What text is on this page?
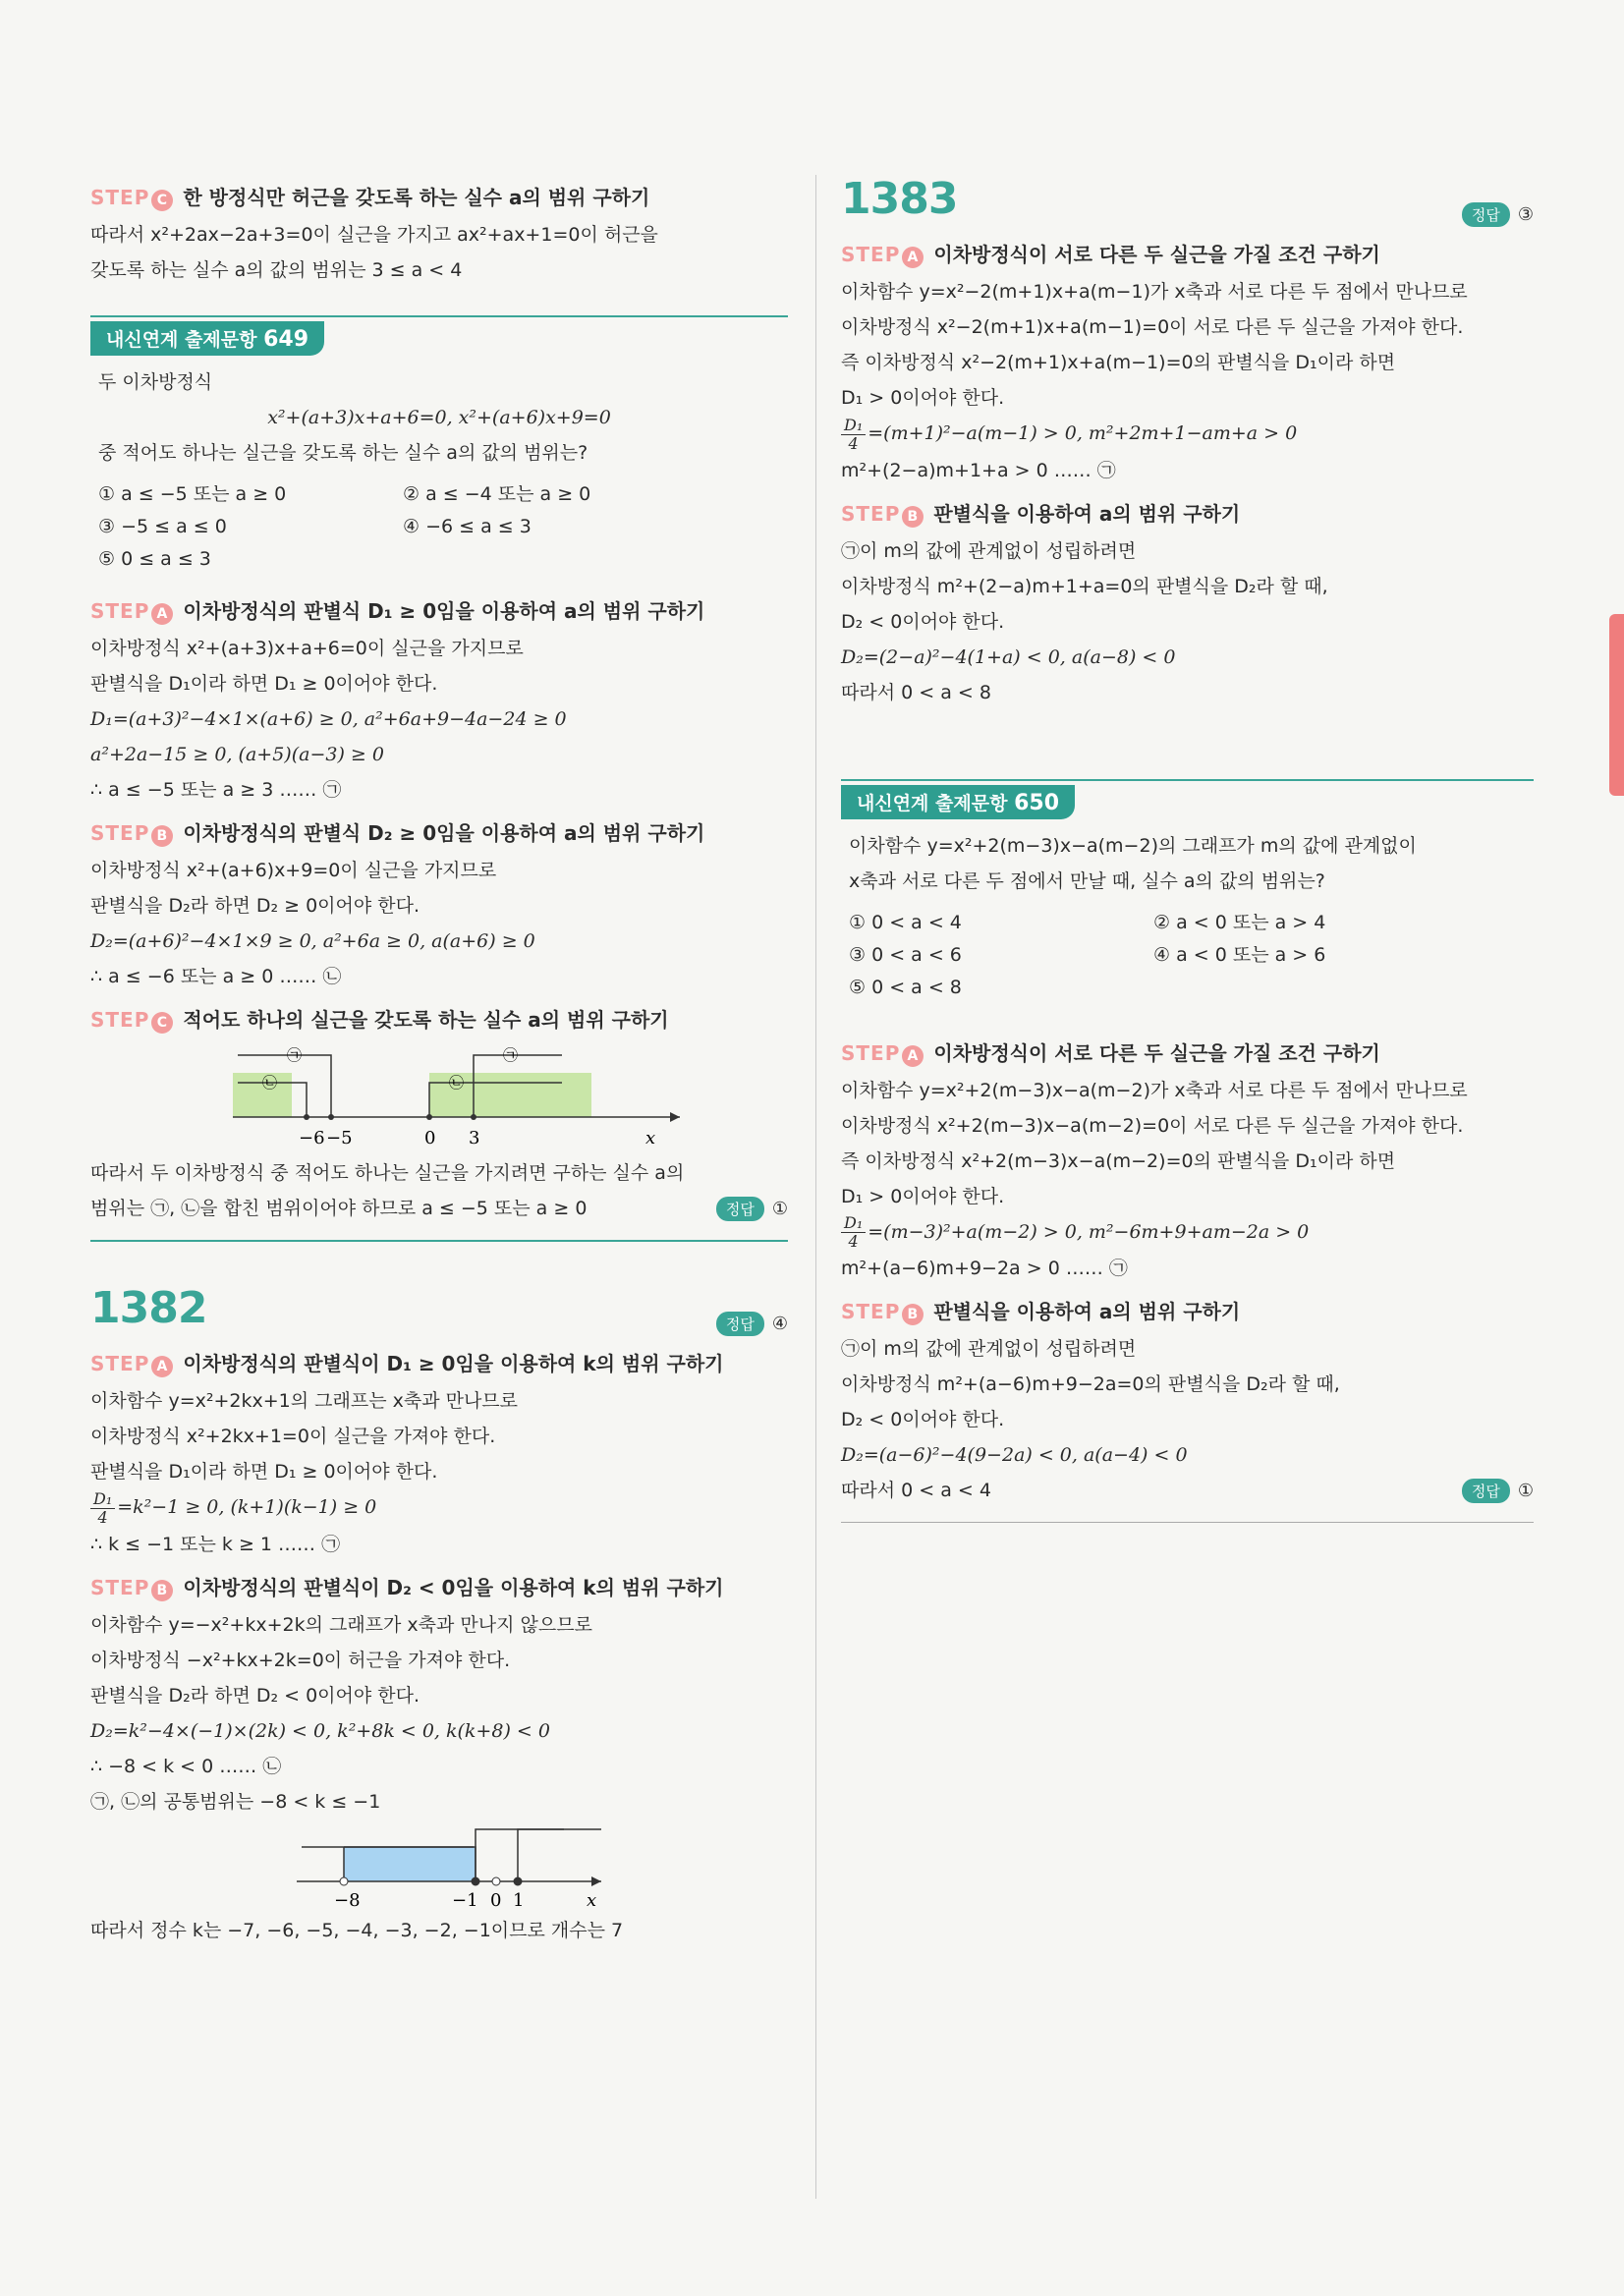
STEP C 한 방정식만 허근을 갖도록 하는 실수 a의 범위 구하기
따라서 x²+2ax−2a+3=0이 실근을 가지고 ax²+ax+1=0이 허근을
갖도록 하는 실수 a의 값의 범위는 3 ≤ a < 4
내신연계 출제문항 649
두 이차방정식
x²+(a+3)x+a+6=0, x²+(a+6)x+9=0
중 적어도 하나는 실근을 갖도록 하는 실수 a의 값의 범위는?
① a ≤ −5 또는 a ≥ 0	② a ≤ −4 또는 a ≥ 0
③ −5 ≤ a ≤ 0	④ −6 ≤ a ≤ 3
⑤ 0 ≤ a ≤ 3
STEP A 이차방정식의 판별식 D₁ ≥ 0임을 이용하여 a의 범위 구하기
이차방정식 x²+(a+3)x+a+6=0이 실근을 가지므로
판별식을 D₁이라 하면 D₁ ≥ 0이어야 한다.
D₁=(a+3)²−4×1×(a+6) ≥ 0, a²+6a+9−4a−24 ≥ 0
a²+2a−15 ≥ 0, (a+5)(a−3) ≥ 0
∴ a ≤ −5 또는 a ≥ 3 …… ㉠
STEP B 이차방정식의 판별식 D₂ ≥ 0임을 이용하여 a의 범위 구하기
이차방정식 x²+(a+6)x+9=0이 실근을 가지므로
판별식을 D₂라 하면 D₂ ≥ 0이어야 한다.
D₂=(a+6)²−4×1×9 ≥ 0, a²+6a ≥ 0, a(a+6) ≥ 0
∴ a ≤ −6 또는 a ≥ 0 …… ㉡
STEP C 적어도 하나의 실근을 갖도록 하는 실수 a의 범위 구하기
−6 −5	0 3	x
㉠
㉡
㉠
㉡
따라서 두 이차방정식 중 적어도 하나는 실근을 가지려면 구하는 실수 a의
범위는 ㉠, ㉡을 합친 범위이어야 하므로 a ≤ −5 또는 a ≥ 0	정답	①
1382	정답	④
STEP A 이차방정식의 판별식이 D₁ ≥ 0임을 이용하여 k의 범위 구하기
이차함수 y=x²+2kx+1의 그래프는 x축과 만나므로
이차방정식 x²+2kx+1=0이 실근을 가져야 한다.
판별식을 D₁이라 하면 D₁ ≥ 0이어야 한다.
$\frac{\text{D₁}}{4} =k^2-1 \ge 0$, (k+1)(k−1) ≥ 0
∴ k ≤ −1 또는 k ≥ 1 …… ㉠
STEP B 이차방정식의 판별식이 D₂ < 0임을 이용하여 k의 범위 구하기
이차함수 y=−x²+kx+2k의 그래프가 x축과 만나지 않으므로
이차방정식 −x²+kx+2k=0이 허근을 가져야 한다.
판별식을 D₂라 하면 D₂ < 0이어야 한다.
D₂=k²−4×(−1)×(2k) < 0, k²+8k < 0, k(k+8) < 0
∴ −8 < k < 0 …… ㉡
㉠, ㉡의 공통범위는 −8 < k ≤ −1
−8	−1 0 1	x
따라서 정수 k는 −7, −6, −5, −4, −3, −2, −1이므로 개수는 7
1383	정답	③
STEP A 이차방정식이 서로 다른 두 실근을 가질 조건 구하기
이차함수 y=x²−2(m+1)x+a(m−1)가 x축과 서로 다른 두 점에서 만나므로
이차방정식 x²−2(m+1)x+a(m−1)=0이 서로 다른 두 실근을 가져야 한다.
즉 이차방정식 x²−2(m+1)x+a(m−1)=0의 판별식을 D₁이라 하면
D₁ > 0이어야 한다.
$\frac{\text{D₁}}{4} =(m+1)^2-a(m-1) > 0$, m²+2m+1−am+a > 0
m²+(2−a)m+1+a > 0 …… ㉠
STEP B 판별식을 이용하여 a의 범위 구하기
㉠이 m의 값에 관계없이 성립하려면
이차방정식 m²+(2−a)m+1+a=0의 판별식을 D₂라 할 때,
D₂ < 0이어야 한다.
D₂=(2−a)²−4(1+a) < 0, a(a−8) < 0
따라서 0 < a < 8
내신연계 출제문항 650
이차함수 y=x²+2(m−3)x−a(m−2)의 그래프가 m의 값에 관계없이
x축과 서로 다른 두 점에서 만날 때, 실수 a의 값의 범위는?
① 0 < a < 4	② a < 0 또는 a > 4
③ 0 < a < 6	④ a < 0 또는 a > 6
⑤ 0 < a < 8
STEP A 이차방정식이 서로 다른 두 실근을 가질 조건 구하기
이차함수 y=x²+2(m−3)x−a(m−2)가 x축과 서로 다른 두 점에서 만나므로
이차방정식 x²+2(m−3)x−a(m−2)=0이 서로 다른 두 실근을 가져야 한다.
즉 이차방정식 x²+2(m−3)x−a(m−2)=0의 판별식을 D₁이라 하면
D₁ > 0이어야 한다.
$\frac{\text{D₁}}{4} =(m-3)^2+a(m-2) > 0$, m²−6m+9+am−2a > 0
m²+(a−6)m+9−2a > 0 …… ㉠
STEP B 판별식을 이용하여 a의 범위 구하기
㉠이 m의 값에 관계없이 성립하려면
이차방정식 m²+(a−6)m+9−2a=0의 판별식을 D₂라 할 때,
D₂ < 0이어야 한다.
D₂=(a−6)²−4(9−2a) < 0, a(a−4) < 0
따라서 0 < a < 4	정답	①
